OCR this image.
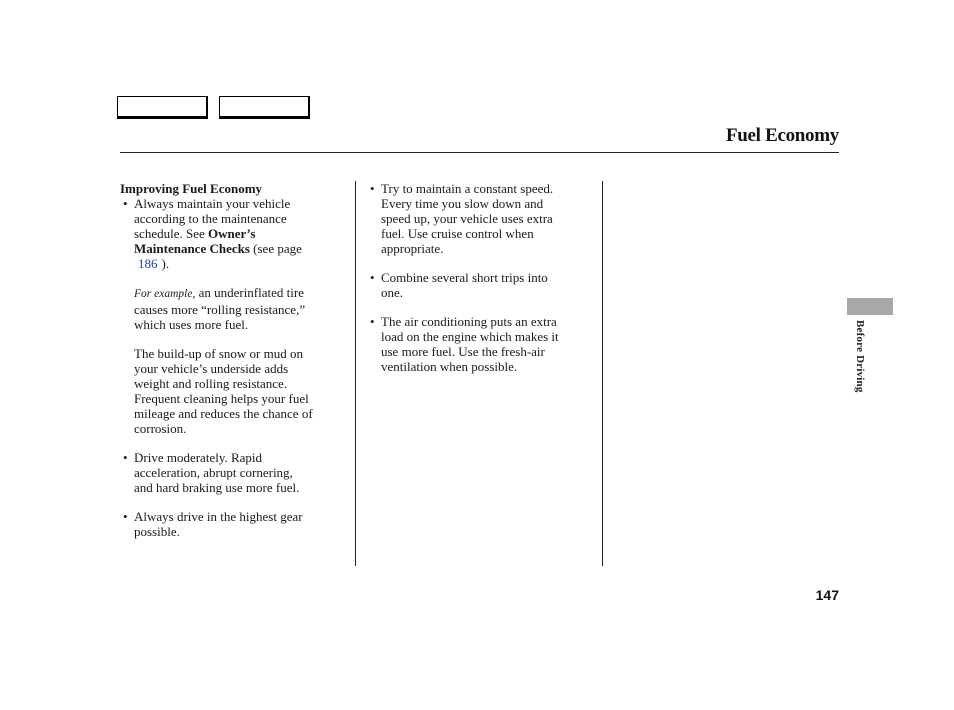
Fuel Economy

Improving Fuel Economy

• Always maintain your vehicle
according to the maintenance
schedule. See Owner’s
Maintenance Checks (see page
186 ).
For example, an underinflated tire
causes more “rolling resistance,”
which uses more fuel.
The build-up of snow or mud on
your vehicle’s underside adds
weight and rolling resistance.
Frequent cleaning helps your fuel
mileage and reduces the chance of
corrosion.
• Drive moderately. Rapid
acceleration, abrupt cornering,
and hard braking use more fuel.
• Always drive in the highest gear
possible.
• Try to maintain a constant speed.
Every time you slow down and
speed up, your vehicle uses extra
fuel. Use cruise control when
appropriate.
• Combine several short trips into
one.
• The air conditioning puts an extra
load on the engine which makes it
use more fuel. Use the fresh-air
ventilation when possible.	Before Driving
147
